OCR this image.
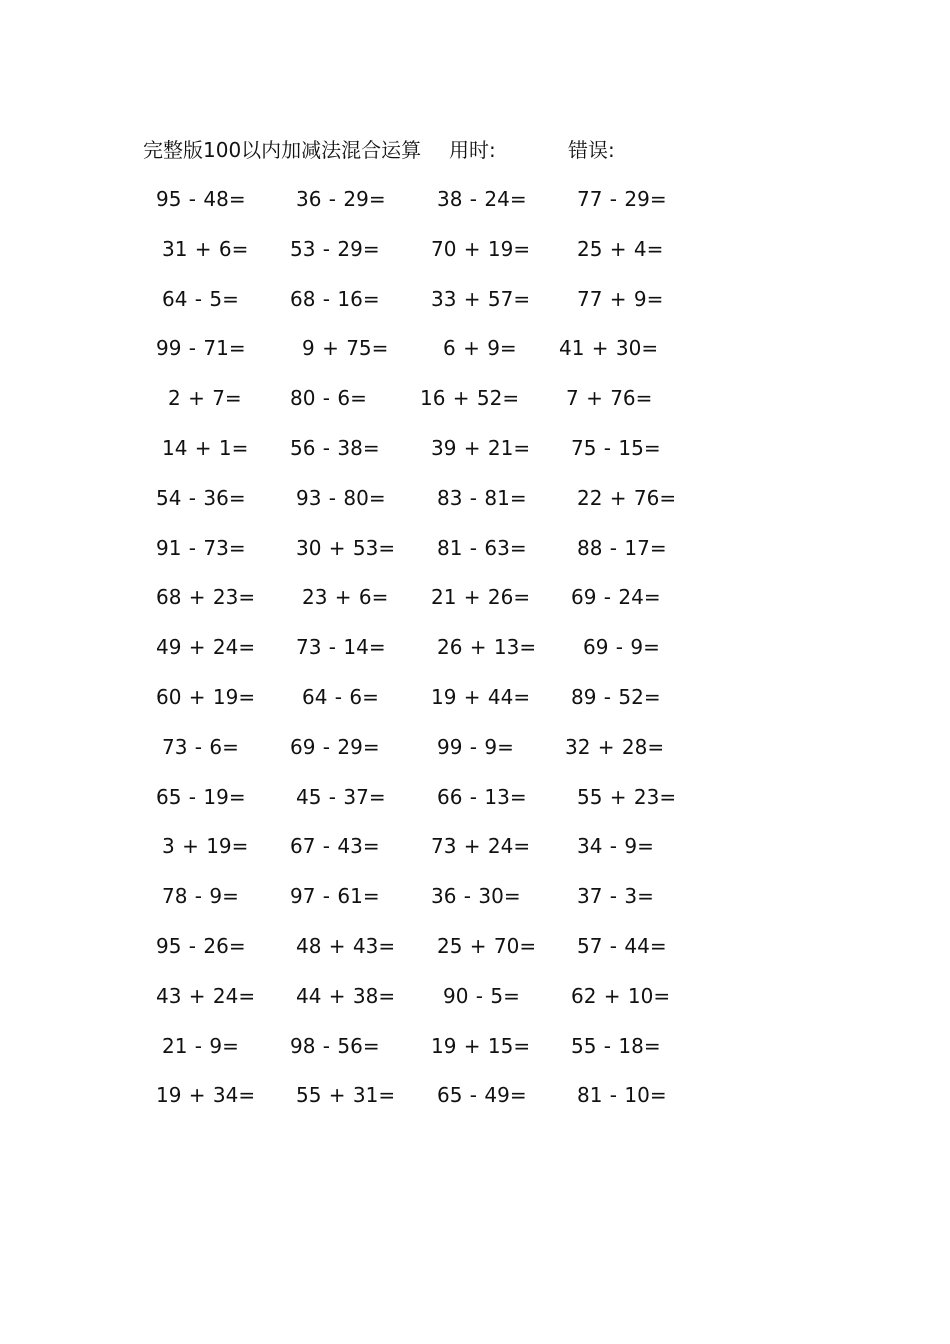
完整版100以内加减法混合运算 用时:	错误:
95 - 48=	36 - 29=	38 - 24=	77 - 29=
31 + 6= 53 - 29=	70 + 19= 25 + 4=
64 - 5=	68 - 16=	33 + 57= 77 + 9=
99 - 71=	9 + 75=	6 + 9= 41 + 30=
2 + 7= 80 - 6=	16 + 52= 7 + 76=
14 + 1= 56 - 38=	39 + 21= 75 - 15=
54 - 36=	93 - 80=	83 - 81=	22 + 76=
91 - 73=	30 + 53= 81 - 63=	88 - 17=
68 + 23= 23 + 6= 21 + 26= 69 - 24=
49 + 24= 73 - 14=	26 + 13= 69 - 9=
60 + 19= 64 - 6=	19 + 44= 89 - 52=
73 - 6=	69 - 29=	99 - 9=	32 + 28=
65 - 19=	45 - 37=	66 - 13=	55 + 23=
3 + 19= 67 - 43=	73 + 24= 34 - 9=
78 - 9=	97 - 61=	36 - 30=	37 - 3=
95 - 26=	48 + 43= 25 + 70= 57 - 44=
43 + 24= 44 + 38= 90 - 5=	62 + 10=
21 - 9=	98 - 56=	19 + 15= 55 - 18=
19 + 34= 55 + 31= 65 - 49=	81 - 10=
